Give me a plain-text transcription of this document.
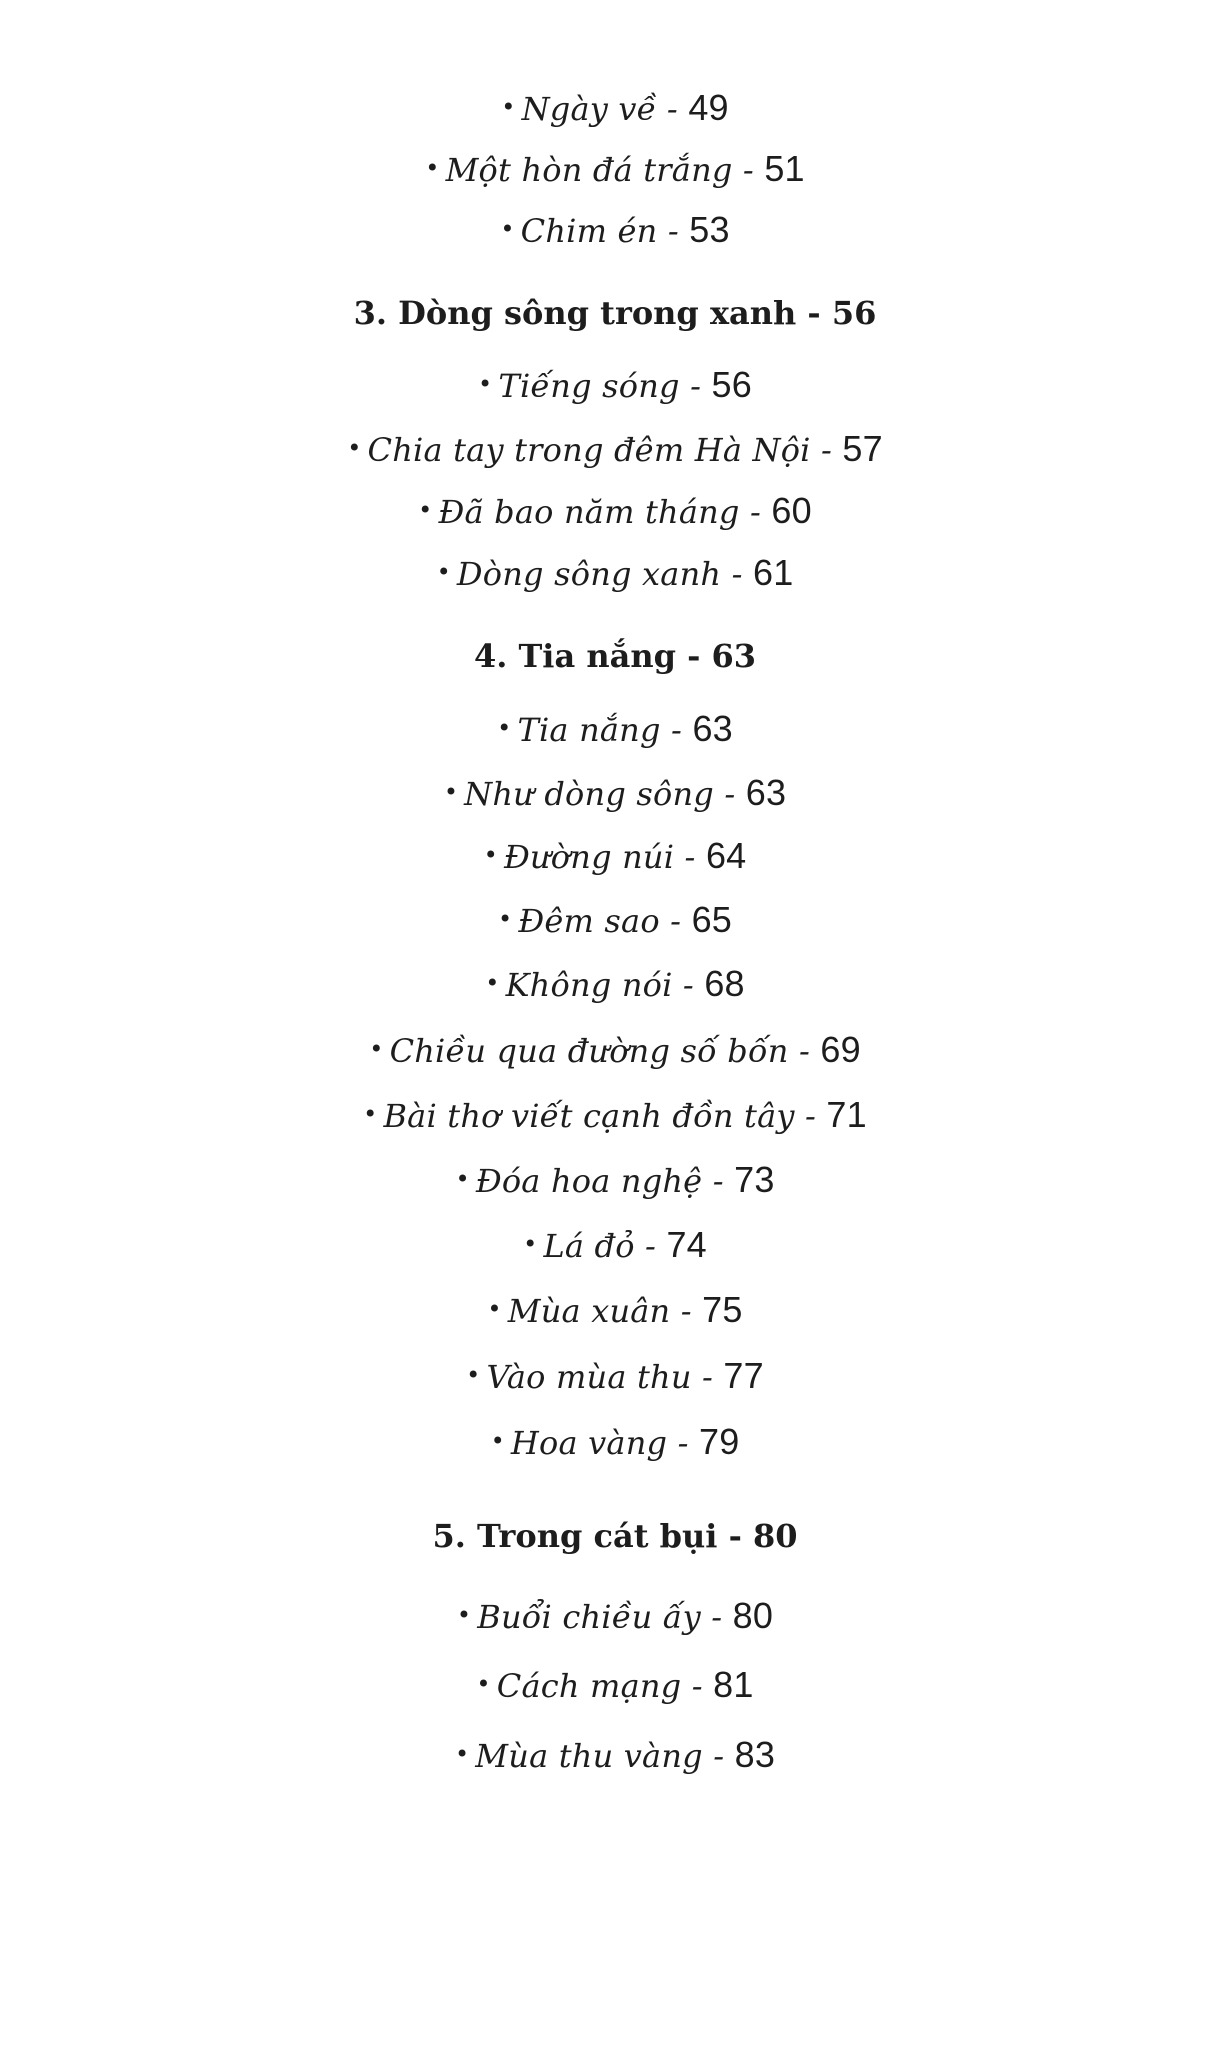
• Ngày về - 49
• Một hòn đá trắng - 51
• Chim én - 53
3. Dòng sông trong xanh - 56
• Tiếng sóng - 56
• Chia tay trong đêm Hà Nội - 57
• Đã bao năm tháng - 60
• Dòng sông xanh - 61
4. Tia nắng - 63
• Tia nắng - 63
• Như dòng sông - 63
• Đường núi - 64
• Đêm sao - 65
• Không nói - 68
• Chiều qua đường số bốn - 69
• Bài thơ viết cạnh đồn tây - 71
• Đóa hoa nghệ - 73
• Lá đỏ - 74
• Mùa xuân - 75
• Vào mùa thu - 77
• Hoa vàng - 79
5. Trong cát bụi - 80
• Buổi chiều ấy - 80
• Cách mạng - 81
• Mùa thu vàng - 83
